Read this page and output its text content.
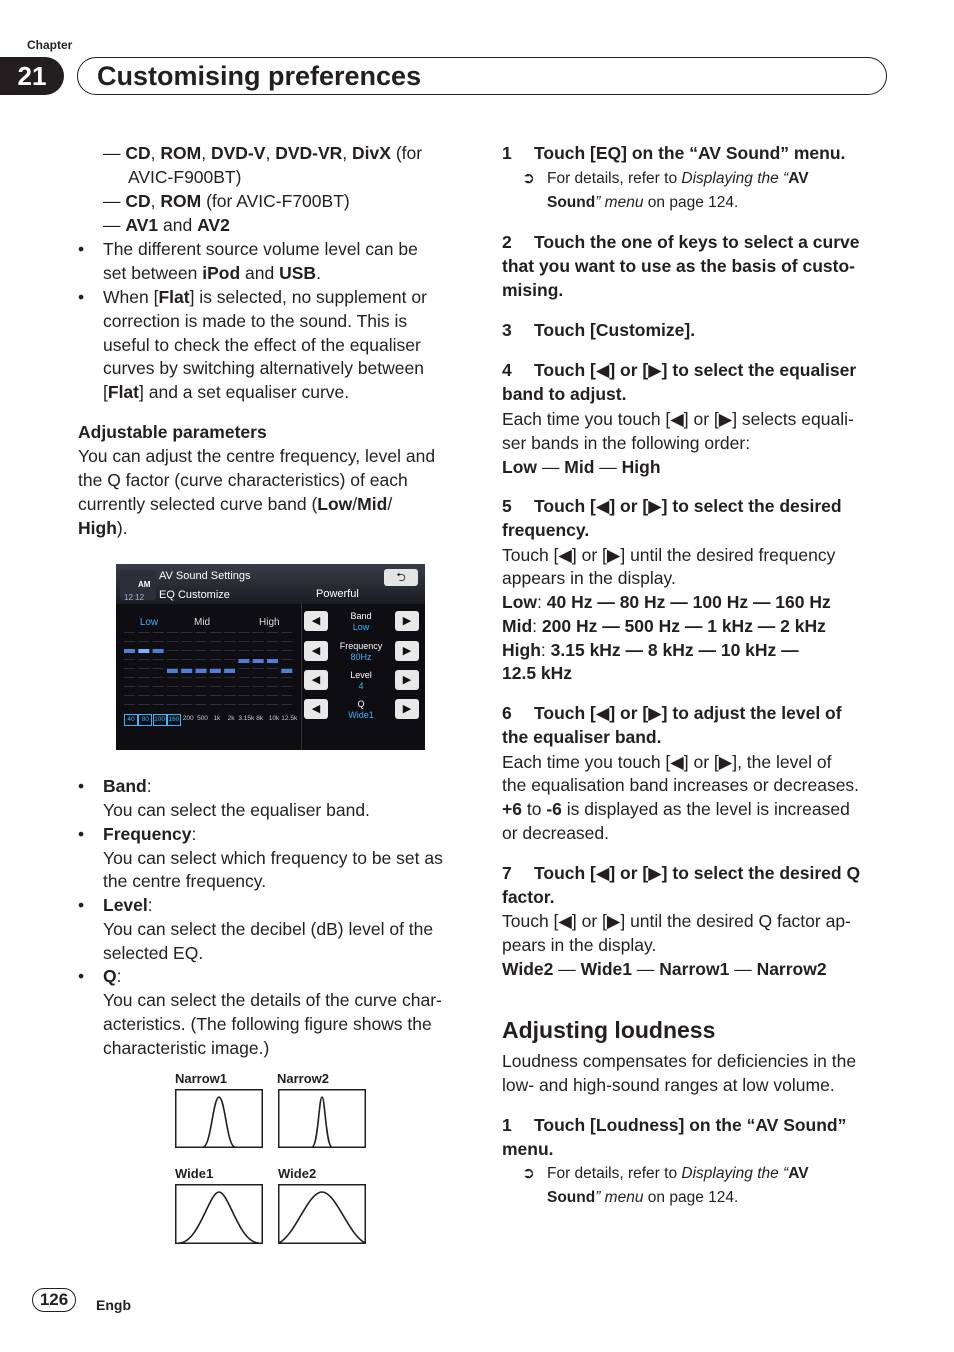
Chapter
21	Customising preferences
— CD, ROM, DVD-V, DVD-VR, DivX (for
AVIC-F900BT)
— CD, ROM (for AVIC-F700BT)
— AV1 and AV2
• The different source volume level can be
set between iPod and USB.
• When [Flat] is selected, no supplement or
correction is made to the sound. This is
useful to check the effect of the equaliser
curves by switching alternatively between
[Flat] and a set equaliser curve.
Adjustable parameters
You can adjust the centre frequency, level and
the Q factor (curve characteristics) of each
currently selected curve band (Low/Mid/
High).
AM
12 12
AV Sound Settings
EQ Customize	Powerful
⮌
Low	Mid	High
40	80 100 160 200 500 1k	2k 3.15k 8k 10k 12.5k
◀	Band
Low	▶
◀	Frequency
80Hz	▶
◀	Level
4	▶
◀	Q
Wide1	▶
• Band:
You can select the equaliser band.
• Frequency:
You can select which frequency to be set as
the centre frequency.
• Level:
You can select the decibel (dB) level of the
selected EQ.
• Q:
You can select the details of the curve char-
acteristics. (The following figure shows the
characteristic image.)
Narrow1	Narrow2
Wide1	Wide2
1 Touch [EQ] on the “AV Sound” menu.
➲ For details, refer to Displaying the “AV
Sound” menu on page 124.
2 Touch the one of keys to select a curve
that you want to use as the basis of custo-
mising.
3 Touch [Customize].
4 Touch [◀] or [▶] to select the equaliser
band to adjust.
Each time you touch [◀] or [▶] selects equali-
ser bands in the following order:
Low — Mid — High
5 Touch [◀] or [▶] to select the desired
frequency.
Touch [◀] or [▶] until the desired frequency
appears in the display.
Low: 40 Hz — 80 Hz — 100 Hz — 160 Hz
Mid: 200 Hz — 500 Hz — 1 kHz — 2 kHz
High: 3.15 kHz — 8 kHz — 10 kHz —
12.5 kHz
6 Touch [◀] or [▶] to adjust the level of
the equaliser band.
Each time you touch [◀] or [▶], the level of
the equalisation band increases or decreases.
+6 to -6 is displayed as the level is increased
or decreased.
7 Touch [◀] or [▶] to select the desired Q
factor.
Touch [◀] or [▶] until the desired Q factor ap-
pears in the display.
Wide2 — Wide1 — Narrow1 — Narrow2
Adjusting loudness
Loudness compensates for deficiencies in the
low- and high-sound ranges at low volume.
1 Touch [Loudness] on the “AV Sound”
menu.
➲ For details, refer to Displaying the “AV
Sound” menu on page 124.
126	Engb
